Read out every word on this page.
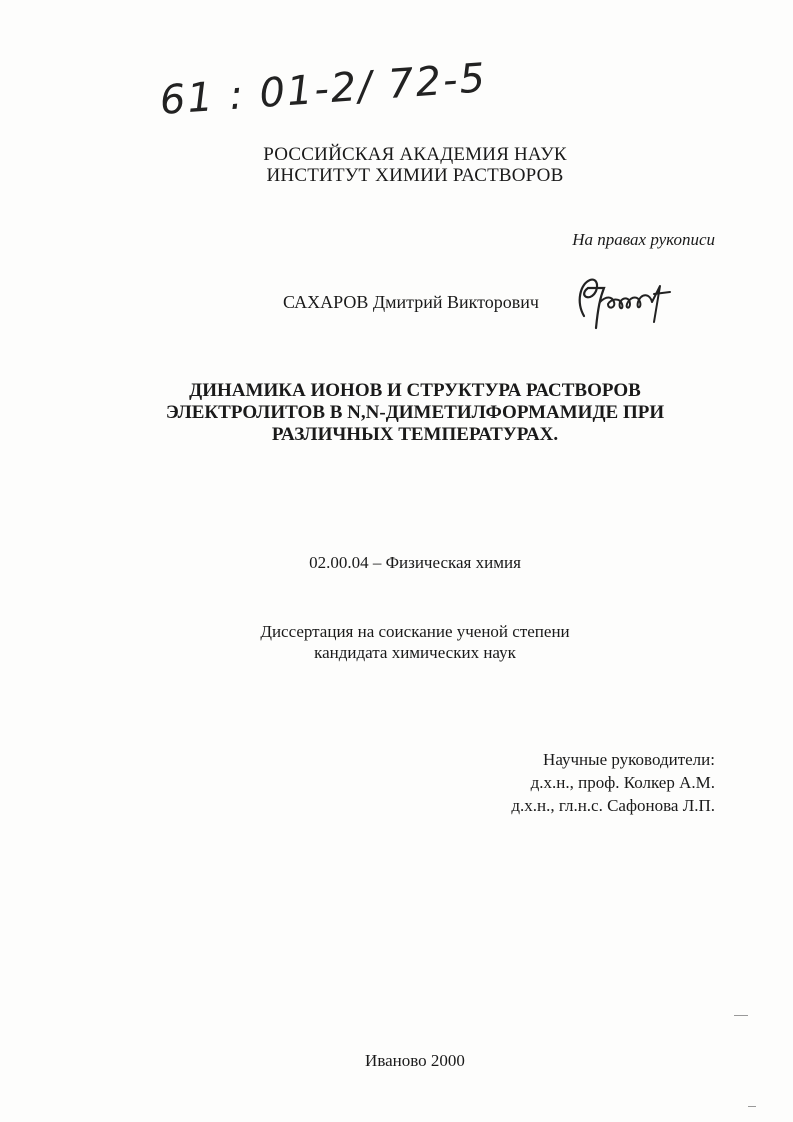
61 : 01-2/ 72-5
РОССИЙСКАЯ АКАДЕМИЯ НАУК
ИНСТИТУТ ХИМИИ РАСТВОРОВ
На правах рукописи
САХАРОВ Дмитрий Викторович
ДИНАМИКА ИОНОВ И СТРУКТУРА РАСТВОРОВ
ЭЛЕКТРОЛИТОВ В N,N-ДИМЕТИЛФОРМАМИДЕ ПРИ
РАЗЛИЧНЫХ ТЕМПЕРАТУРАХ.
02.00.04 – Физическая химия
Диссертация на соискание ученой степени
кандидата химических наук
Научные руководители:
д.х.н., проф. Колкер А.М.
д.х.н., гл.н.с. Сафонова Л.П.
Иваново 2000
